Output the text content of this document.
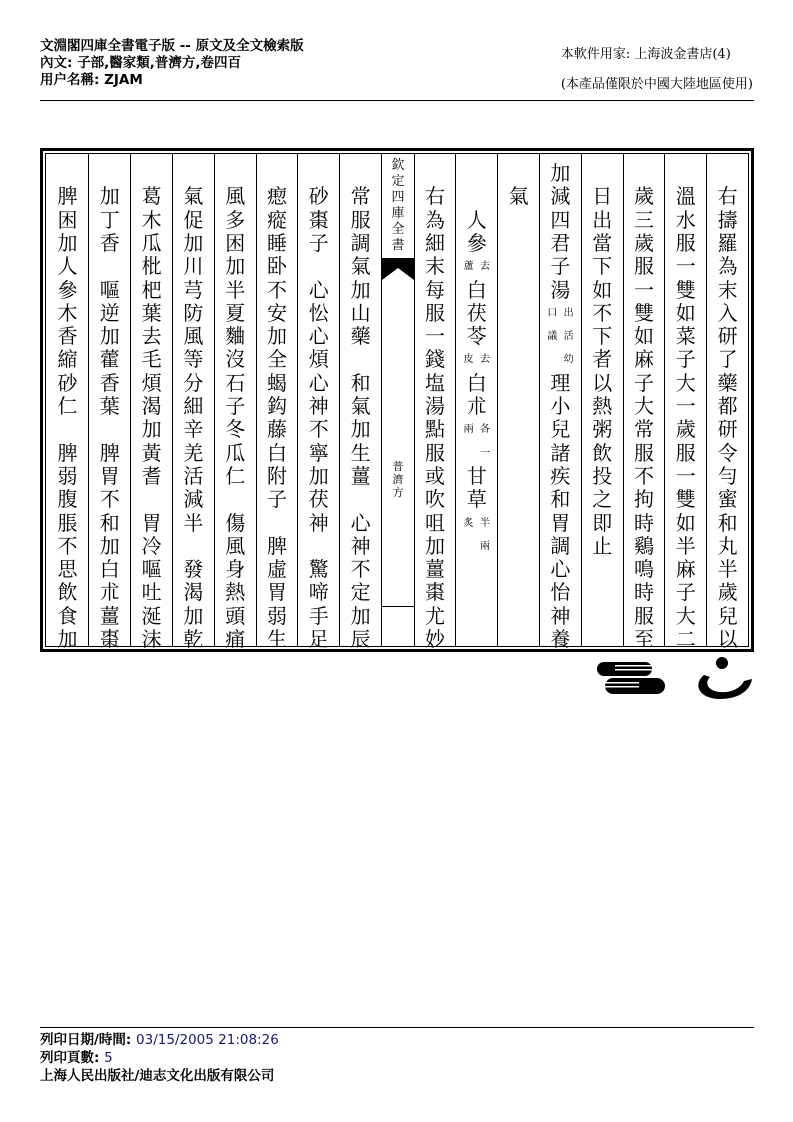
文淵閣四庫全書電子版 -- 原文及全文檢索版
內文: 子部,醫家類,普濟方,卷四百
用户名稱: ZJAM
本軟件用家: 上海波金書店(4)
(本產品僅限於中國大陸地區使用)
欽定四庫全書
普濟方
右
擣
羅
為
末
入
研
了
藥
都
研
令
勻
蜜
和
丸
半
歲
兒
以
溫
水
服
一
雙
如
菜
子
大
一
歲
服
一
雙
如
半
麻
子
大
二
歲
三
歲
服
一
雙
如
麻
子
大
常
服
不
拘
時
鷄
鳴
時
服
至
日
出
當
下
如
不
下
者
以
熱
粥
飲
投
之
即
止
加
減
四
君
子
湯
出
口
活
議
幼
理
小
兒
諸
疾
和
胃
調
心
怡
神
養
氣
人
參
去
蘆
白
茯
苓
去
皮
白
朮
各
兩
一
甘
草
半
炙
兩
右
為
細
末
每
服
一
錢
塩
湯
點
服
或
吹
咀
加
薑
棗
尤
妙
常
服
調
氣
加
山
藥
和
氣
加
生
薑
心
神
不
定
加
辰
砂
棗
子
心
忪
心
煩
心
神
不
寧
加
茯
神
驚
啼
手
足
瘛
瘲
睡
卧
不
安
加
全
蝎
鈎
藤
白
附
子
脾
虛
胃
弱
生
風
多
困
加
半
夏
麯
沒
石
子
冬
瓜
仁
傷
風
身
熱
頭
痛
氣
促
加
川
芎
防
風
等
分
細
辛
羌
活
減
半
發
渴
加
乾
葛
木
瓜
枇
杷
葉
去
毛
煩
渴
加
黃
耆
胃
冷
嘔
吐
涎
沫
加
丁
香
嘔
逆
加
藿
香
葉
脾
胃
不
和
加
白
朮
薑
棗
脾
困
加
人
參
木
香
縮
砂
仁
脾
弱
腹
脹
不
思
飲
食
加
列印日期/時間: 03/15/2005 21:08:26
列印頁數: 5
上海人民出版社/迪志文化出版有限公司
